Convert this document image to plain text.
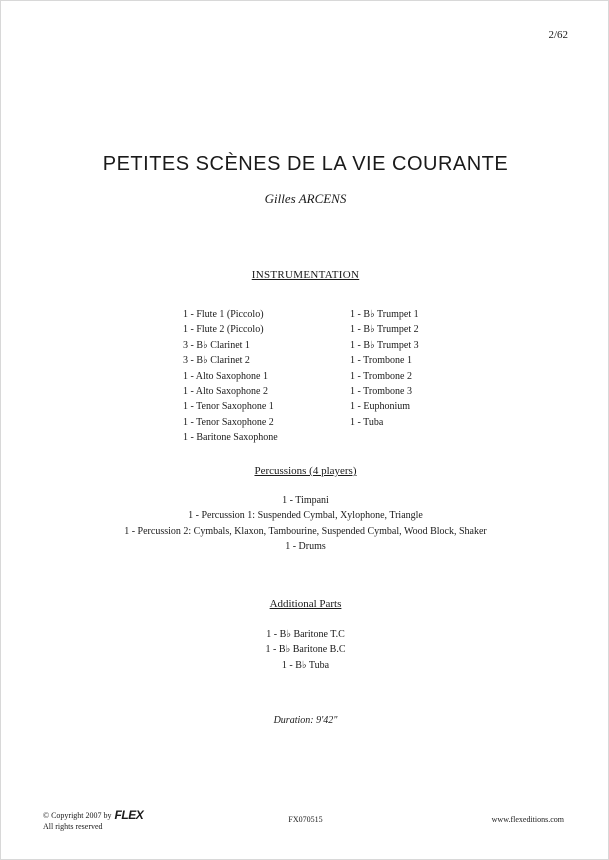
2/62
PETITES SCÈNES DE LA VIE COURANTE
Gilles ARCENS
INSTRUMENTATION
1 - Flute 1 (Piccolo)
1 - Flute 2 (Piccolo)
3 - B♭ Clarinet 1
3 - B♭ Clarinet 2
1 - Alto Saxophone 1
1 - Alto Saxophone 2
1 - Tenor Saxophone 1
1 - Tenor Saxophone 2
1 - Baritone Saxophone
1 - B♭ Trumpet 1
1 - B♭ Trumpet 2
1 - B♭ Trumpet 3
1 - Trombone 1
1 - Trombone 2
1 - Trombone 3
1 - Euphonium
1 - Tuba
Percussions (4 players)
1 - Timpani
1 - Percussion 1: Suspended Cymbal, Xylophone, Triangle
1 - Percussion 2: Cymbals, Klaxon, Tambourine, Suspended Cymbal, Wood Block, Shaker
1 - Drums
Additional Parts
1 - B♭ Baritone T.C
1 - B♭ Baritone B.C
1 - B♭ Tuba
Duration: 9'42"
© Copyright 2007 by FLEX
All rights reserved
FX070515	www.flexeditions.com
